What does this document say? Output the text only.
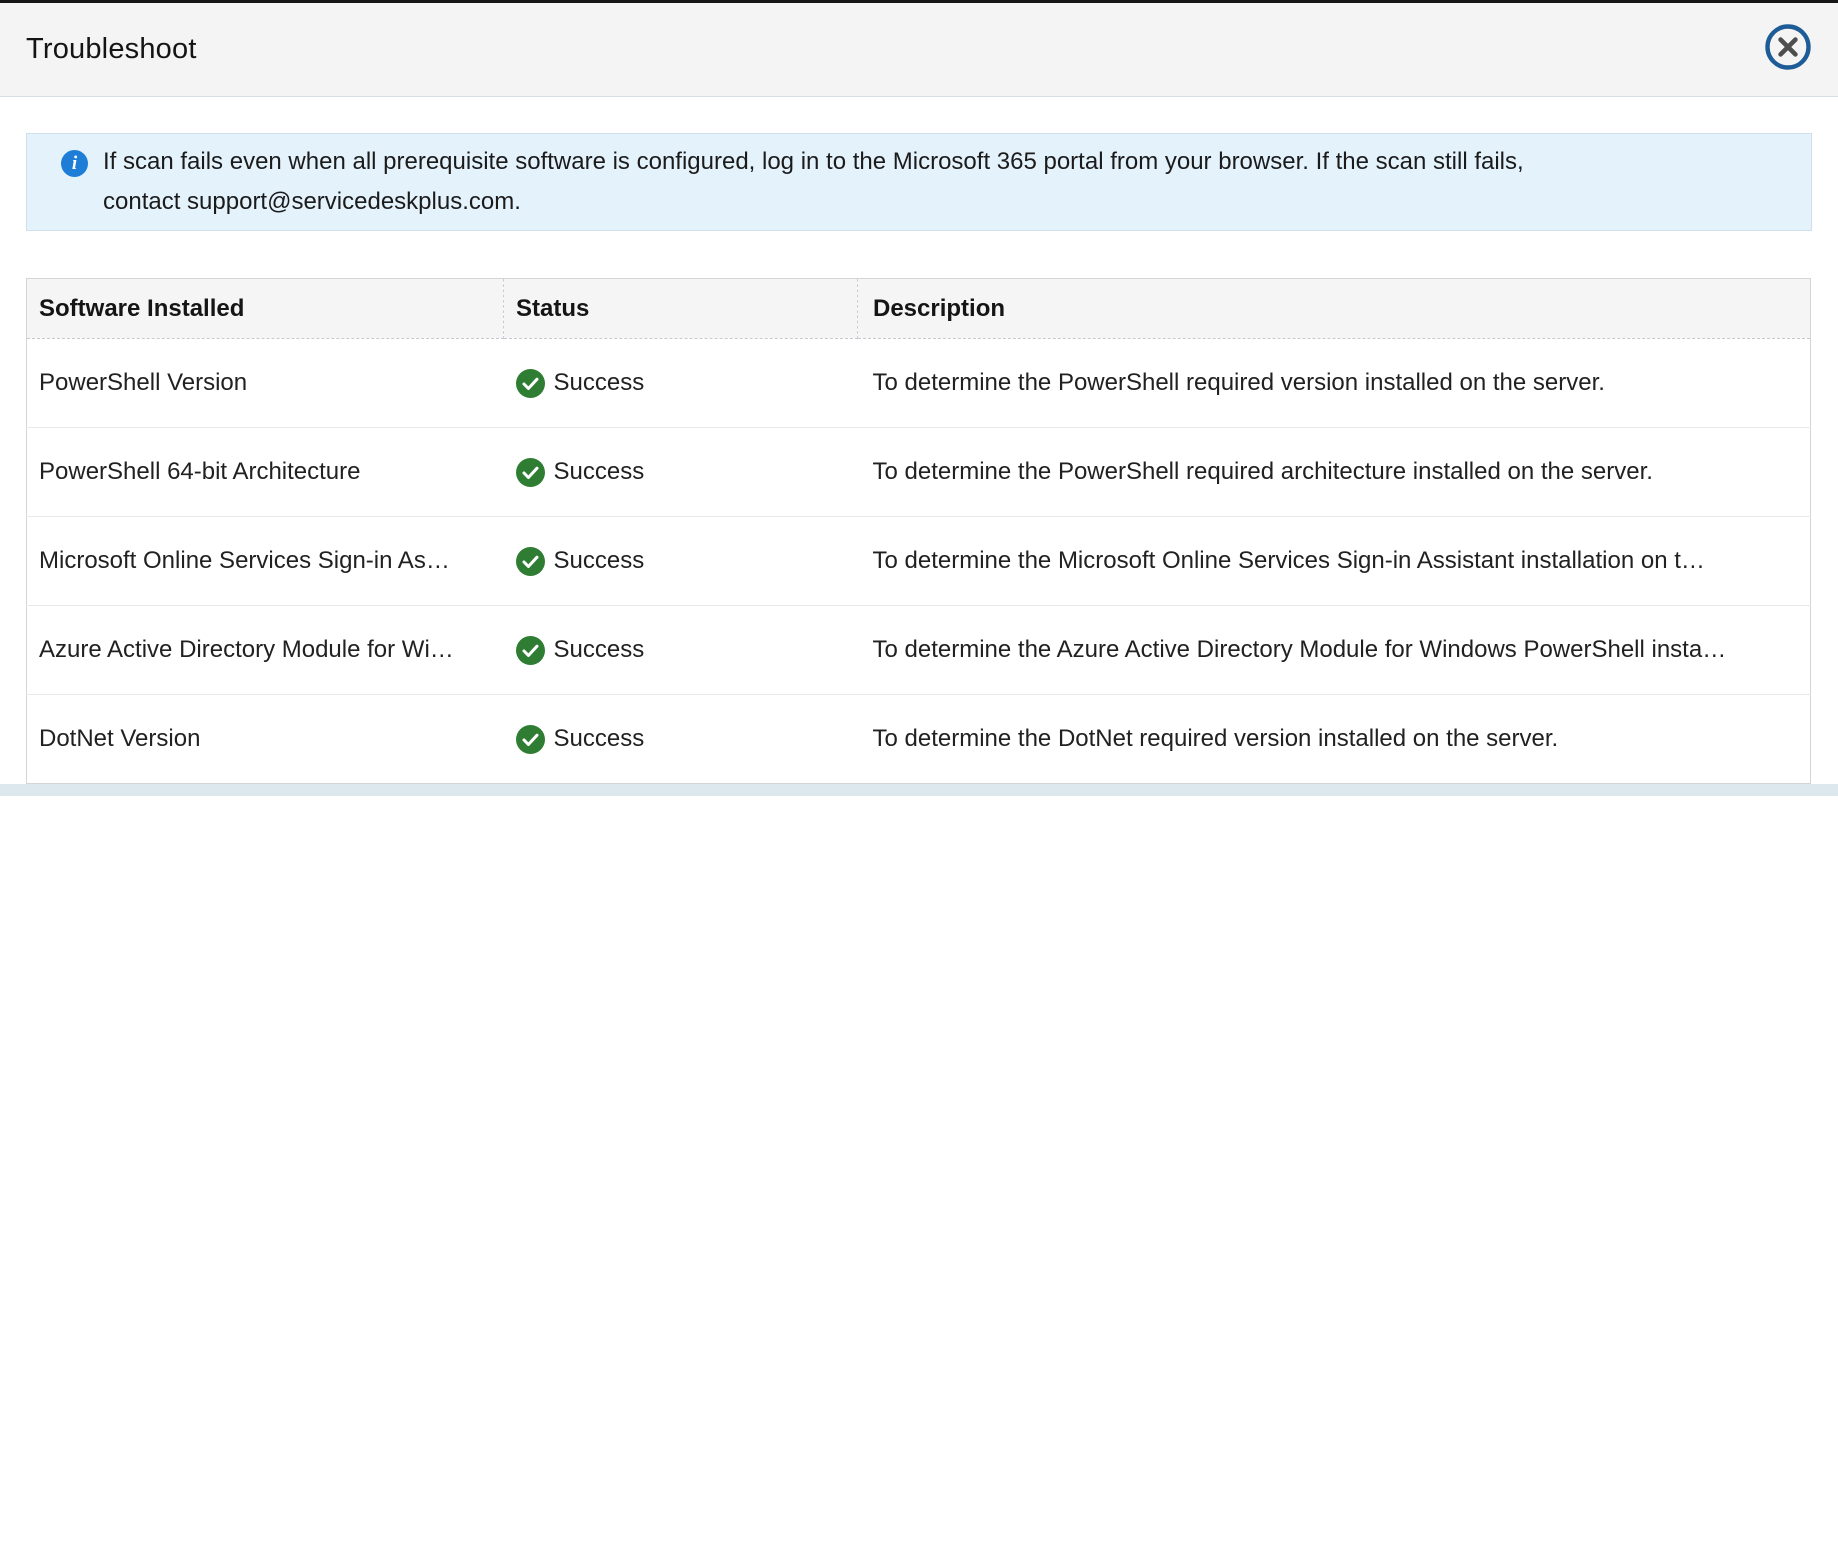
Troubleshoot
i	If scan fails even when all prerequisite software is configured, log in to the Microsoft 365 portal from your browser. If the scan still fails,
contact support@servicedeskplus.com.
Software Installed	Status	Description
PowerShell Version	Success	To determine the PowerShell required version installed on the server.
PowerShell 64-bit Architecture	Success	To determine the PowerShell required architecture installed on the server.
Microsoft Online Services Sign-in As…	Success	To determine the Microsoft Online Services Sign-in Assistant installation on t…
Azure Active Directory Module for Wi…	Success	To determine the Azure Active Directory Module for Windows PowerShell insta…
DotNet Version	Success	To determine the DotNet required version installed on the server.
